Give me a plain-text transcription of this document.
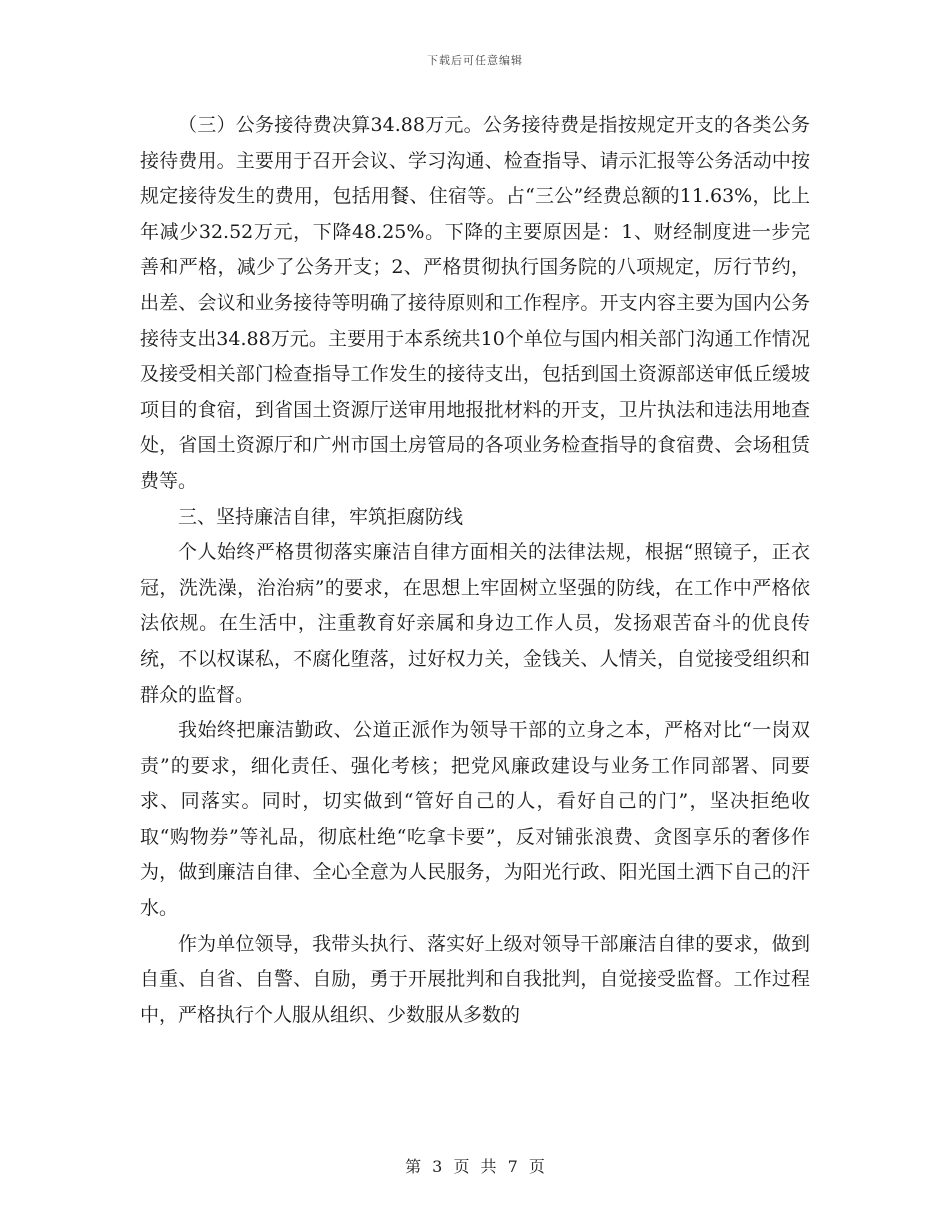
下载后可任意编辑

（三）公务接待费决算34.88万元。公务接待费是指按规定开支的各类公务接待费用。主要用于召开会议、学习沟通、检查指导、请示汇报等公务活动中按规定接待发生的费用，包括用餐、住宿等。占“三公”经费总额的11.63%，比上年减少32.52万元，下降48.25%。下降的主要原因是：1、财经制度进一步完善和严格，减少了公务开支；2、严格贯彻执行国务院的八项规定，厉行节约，出差、会议和业务接待等明确了接待原则和工作程序。开支内容主要为国内公务接待支出34.88万元。主要用于本系统共10个单位与国内相关部门沟通工作情况及接受相关部门检查指导工作发生的接待支出，包括到国土资源部送审低丘缓坡项目的食宿，到省国土资源厅送审用地报批材料的开支，卫片执法和违法用地查处，省国土资源厅和广州市国土房管局的各项业务检查指导的食宿费、会场租赁费等。

三、坚持廉洁自律，牢筑拒腐防线

个人始终严格贯彻落实廉洁自律方面相关的法律法规，根据“照镜子，正衣冠，洗洗澡，治治病”的要求，在思想上牢固树立坚强的防线，在工作中严格依法依规。在生活中，注重教育好亲属和身边工作人员，发扬艰苦奋斗的优良传统，不以权谋私，不腐化堕落，过好权力关，金钱关、人情关，自觉接受组织和群众的监督。

我始终把廉洁勤政、公道正派作为领导干部的立身之本，严格对比“一岗双责”的要求，细化责任、强化考核；把党风廉政建设与业务工作同部署、同要求、同落实。同时，切实做到“管好自己的人，看好自己的门”，坚决拒绝收取“购物券”等礼品，彻底杜绝“吃拿卡要”，反对铺张浪费、贪图享乐的奢侈作为，做到廉洁自律、全心全意为人民服务，为阳光行政、阳光国土洒下自己的汗水。

作为单位领导，我带头执行、落实好上级对领导干部廉洁自律的要求，做到自重、自省、自警、自励，勇于开展批判和自我批判，自觉接受监督。工作过程中，严格执行个人服从组织、少数服从多数的

第 3 页 共 7 页
